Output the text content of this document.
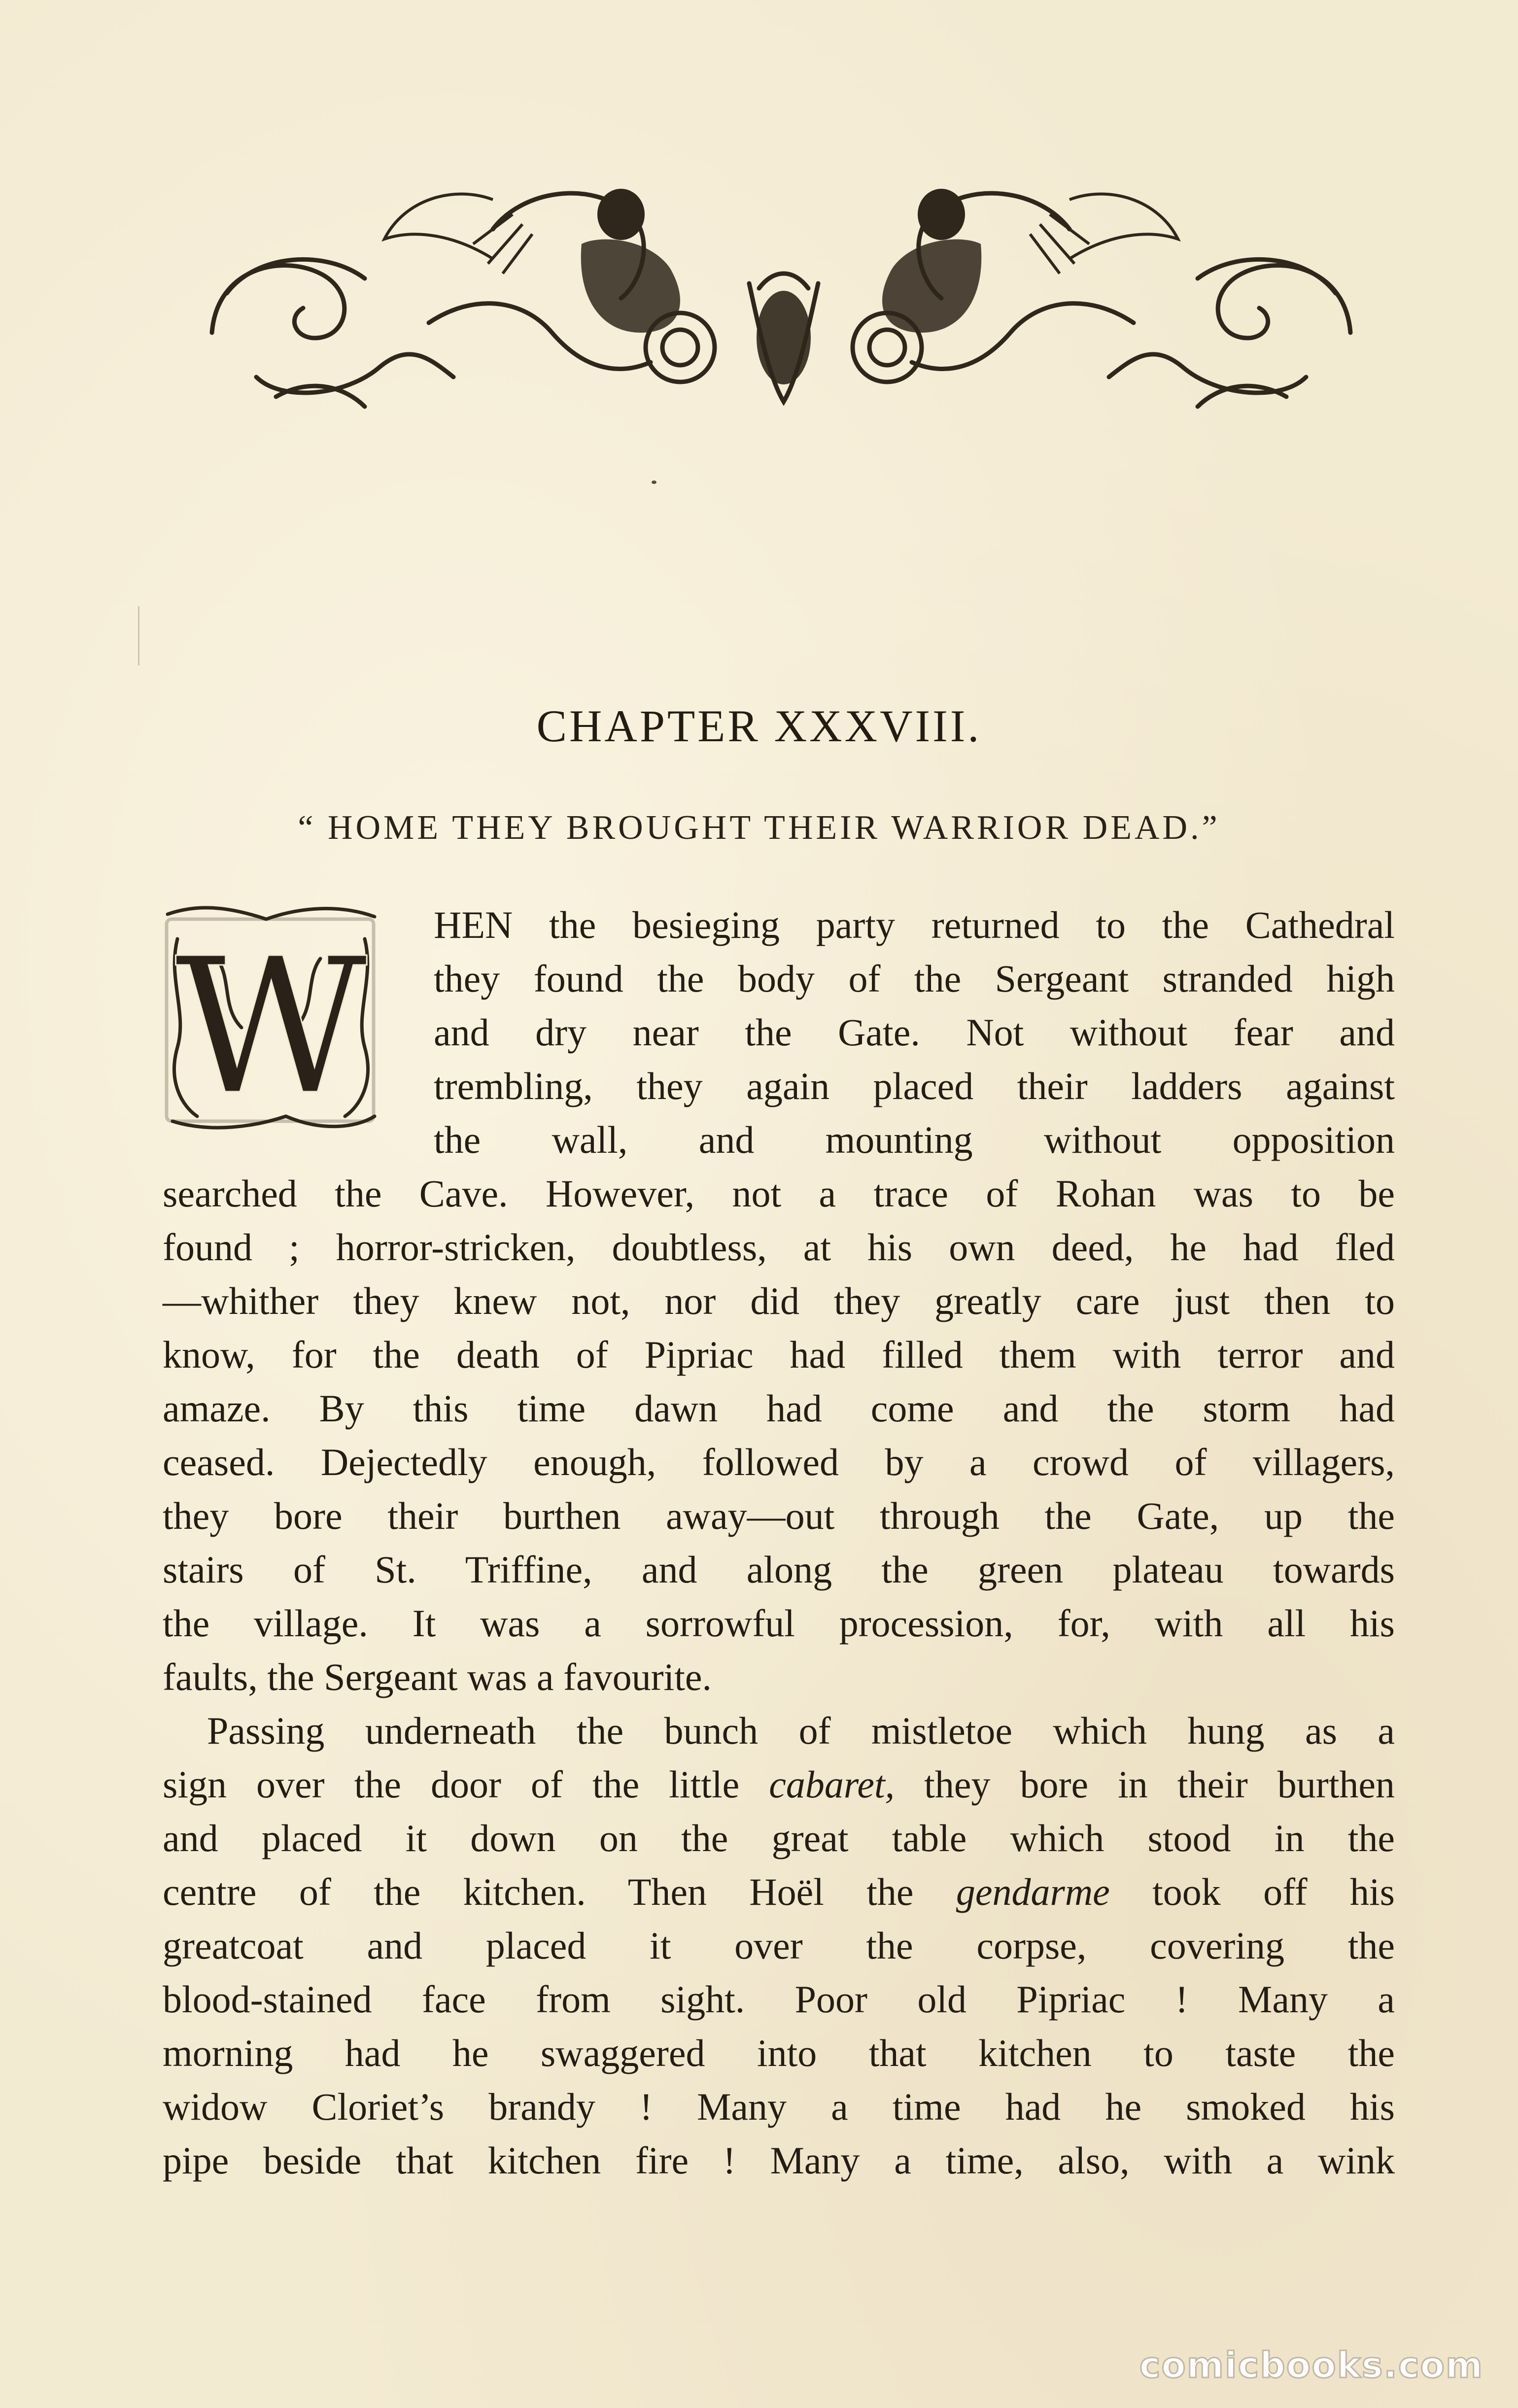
CHAPTER XXXVIII.
“ HOME THEY BROUGHT THEIR WARRIOR DEAD.”
W HEN the besieging party returned to the Cathedral
they found the body of the Sergeant stranded high
and dry near the Gate. Not without fear and
trembling, they again placed their ladders against
the wall, and mounting without opposition
searched the Cave. However, not a trace of Rohan was to be
found ; horror-stricken, doubtless, at his own deed, he had fled
—whither they knew not, nor did they greatly care just then to
know, for the death of Pipriac had filled them with terror and
amaze. By this time dawn had come and the storm had
ceased. Dejectedly enough, followed by a crowd of villagers,
they bore their burthen away—out through the Gate, up the
stairs of St. Triffine, and along the green plateau towards
the village. It was a sorrowful procession, for, with all his
faults, the Sergeant was a favourite.
Passing underneath the bunch of mistletoe which hung as a
sign over the door of the little cabaret, they bore in their burthen
and placed it down on the great table which stood in the
centre of the kitchen. Then Hoël the gendarme took off his
greatcoat and placed it over the corpse, covering the
blood-stained face from sight. Poor old Pipriac ! Many a
morning had he swaggered into that kitchen to taste the
widow Cloriet’s brandy ! Many a time had he smoked his
pipe beside that kitchen fire ! Many a time, also, with a wink
comicbooks.com
